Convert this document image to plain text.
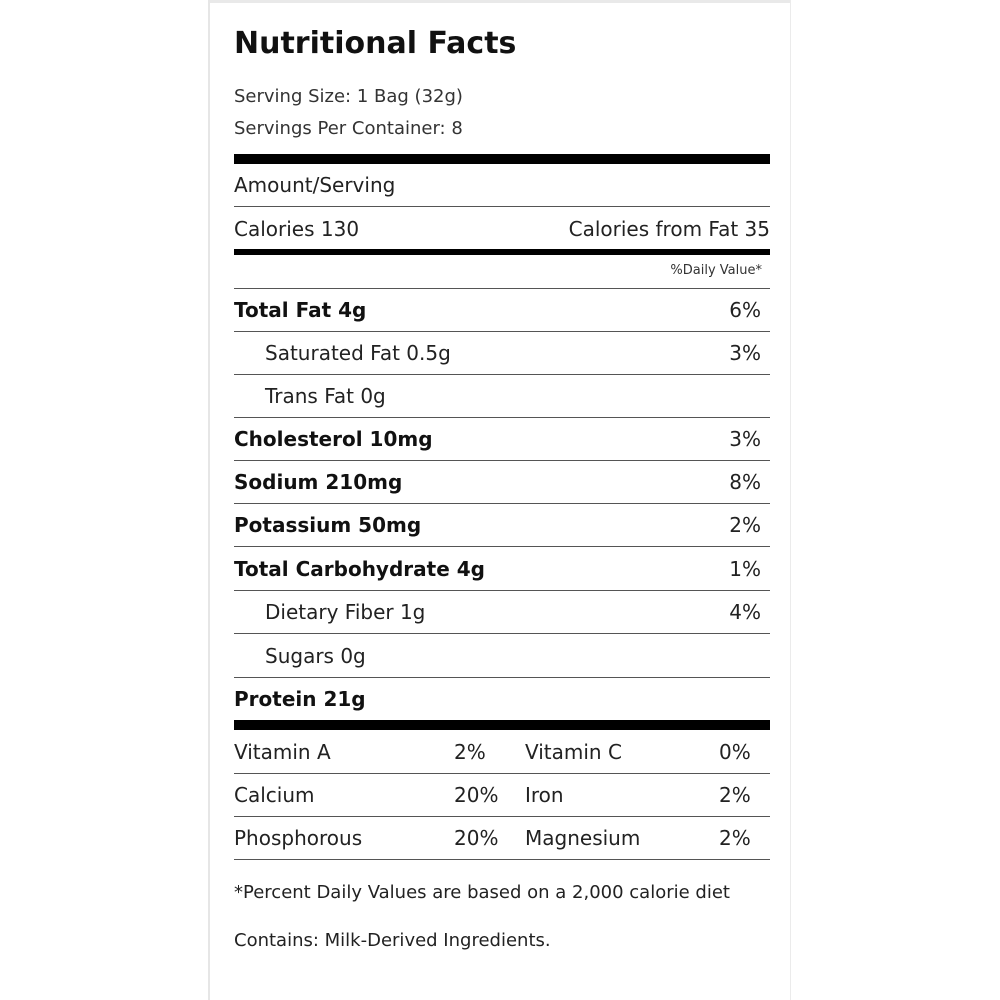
Nutritional Facts
Serving Size: 1 Bag (32g)
Servings Per Container: 8
Amount/Serving
Calories 130	Calories from Fat 35
%Daily Value*
Total Fat 4g	6%
Saturated Fat 0.5g	3%
Trans Fat 0g
Cholesterol 10mg	3%
Sodium 210mg	8%
Potassium 50mg	2%
Total Carbohydrate 4g	1%
Dietary Fiber 1g	4%
Sugars 0g
Protein 21g
Vitamin A	2% Vitamin C	0%
Calcium	20% Iron	2%
Phosphorous	20% Magnesium	2%
*Percent Daily Values are based on a 2,000 calorie diet
Contains: Milk-Derived Ingredients.
